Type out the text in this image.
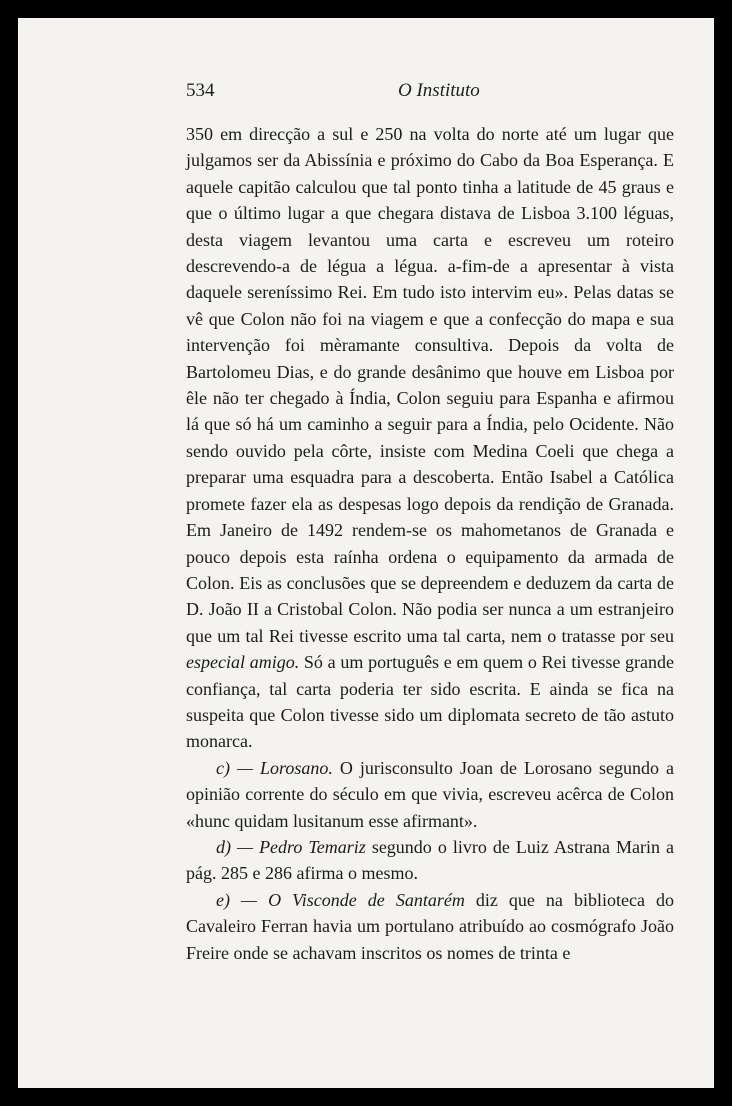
534	O Instituto

350 em direcção a sul e 250 na volta do norte até um lugar que julgamos ser da Abissínia e próximo do Cabo da Boa Esperança. E aquele capitão calculou que tal ponto tinha a latitude de 45 graus e que o último lugar a que chegara distava de Lisboa 3.100 léguas, desta viagem levantou uma carta e escreveu um roteiro descrevendo-a de légua a légua. a-fim-de a apresentar à vista daquele sereníssimo Rei. Em tudo isto intervim eu». Pelas datas se vê que Colon não foi na viagem e que a confecção do mapa e sua intervenção foi mèramante consultiva. Depois da volta de Bartolomeu Dias, e do grande desânimo que houve em Lisboa por êle não ter chegado à Índia, Colon seguiu para Espanha e afirmou lá que só há um caminho a seguir para a Índia, pelo Ocidente. Não sendo ouvido pela côrte, insiste com Medina Coeli que chega a preparar uma esquadra para a descoberta. Então Isabel a Católica promete fazer ela as despesas logo depois da rendição de Granada. Em Janeiro de 1492 rendem-se os mahometanos de Granada e pouco depois esta raínha ordena o equipamento da armada de Colon. Eis as conclusões que se depreendem e deduzem da carta de D. João II a Cristobal Colon. Não podia ser nunca a um estranjeiro que um tal Rei tivesse escrito uma tal carta, nem o tratasse por seu especial amigo. Só a um português e em quem o Rei tivesse grande confiança, tal carta poderia ter sido escrita. E ainda se fica na suspeita que Colon tivesse sido um diplomata secreto de tão astuto monarca.

c) — Lorosano. O jurisconsulto Joan de Lorosano segundo a opinião corrente do século em que vivia, escreveu acêrca de Colon «hunc quidam lusitanum esse afirmant».

d) — Pedro Temariz segundo o livro de Luiz Astrana Marin a pág. 285 e 286 afirma o mesmo.

e) — O Visconde de Santarém diz que na biblioteca do Cavaleiro Ferran havia um portulano atribuído ao cosmógrafo João Freire onde se achavam inscritos os nomes de trinta e
